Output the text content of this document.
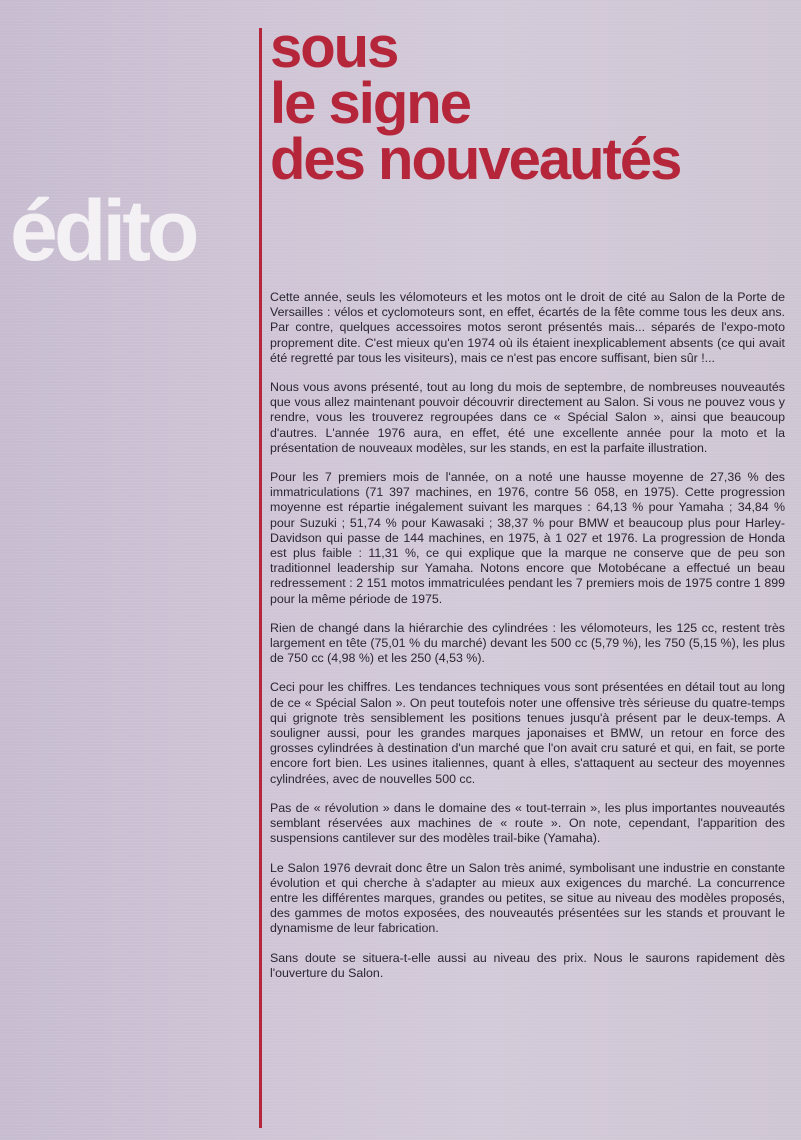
édito
sous
le signe
des nouveautés

Cette année, seuls les vélomoteurs et les motos ont le droit de cité au Salon de la Porte de Versailles : vélos et cyclomoteurs sont, en effet, écartés de la fête comme tous les deux ans. Par contre, quelques accessoires motos seront présentés mais... séparés de l'expo-moto proprement dite. C'est mieux qu'en 1974 où ils étaient inexplicablement absents (ce qui avait été regretté par tous les visiteurs), mais ce n'est pas encore suffisant, bien sûr !...

Nous vous avons présenté, tout au long du mois de septembre, de nombreuses nouveautés que vous allez maintenant pouvoir découvrir directement au Salon. Si vous ne pouvez vous y rendre, vous les trouverez regroupées dans ce « Spécial Salon », ainsi que beaucoup d'autres. L'année 1976 aura, en effet, été une excellente année pour la moto et la présentation de nouveaux modèles, sur les stands, en est la parfaite illustration.

Pour les 7 premiers mois de l'année, on a noté une hausse moyenne de 27,36 % des immatriculations (71 397 machines, en 1976, contre 56 058, en 1975). Cette progression moyenne est répartie inégalement suivant les marques : 64,13 % pour Yamaha ; 34,84 % pour Suzuki ; 51,74 % pour Kawasaki ; 38,37 % pour BMW et beaucoup plus pour Harley-Davidson qui passe de 144 machines, en 1975, à 1 027 et 1976. La progression de Honda est plus faible : 11,31 %, ce qui explique que la marque ne conserve que de peu son traditionnel leadership sur Yamaha. Notons encore que Motobécane a effectué un beau redressement : 2 151 motos immatriculées pendant les 7 premiers mois de 1975 contre 1 899 pour la même période de 1975.

Rien de changé dans la hiérarchie des cylindrées : les vélomoteurs, les 125 cc, restent très largement en tête (75,01 % du marché) devant les 500 cc (5,79 %), les 750 (5,15 %), les plus de 750 cc (4,98 %) et les 250 (4,53 %).

Ceci pour les chiffres. Les tendances techniques vous sont présentées en détail tout au long de ce « Spécial Salon ». On peut toutefois noter une offensive très sérieuse du quatre-temps qui grignote très sensiblement les positions tenues jusqu'à présent par le deux-temps. A souligner aussi, pour les grandes marques japonaises et BMW, un retour en force des grosses cylindrées à destination d'un marché que l'on avait cru saturé et qui, en fait, se porte encore fort bien. Les usines italiennes, quant à elles, s'attaquent au secteur des moyennes cylindrées, avec de nouvelles 500 cc.

Pas de « révolution » dans le domaine des « tout-terrain », les plus importantes nouveautés semblant réservées aux machines de « route ». On note, cependant, l'apparition des suspensions cantilever sur des modèles trail-bike (Yamaha).

Le Salon 1976 devrait donc être un Salon très animé, symbolisant une industrie en constante évolution et qui cherche à s'adapter au mieux aux exigences du marché. La concurrence entre les différentes marques, grandes ou petites, se situe au niveau des modèles proposés, des gammes de motos exposées, des nouveautés présentées sur les stands et prouvant le dynamisme de leur fabrication.

Sans doute se situera-t-elle aussi au niveau des prix. Nous le saurons rapidement dès l'ouverture du Salon.
